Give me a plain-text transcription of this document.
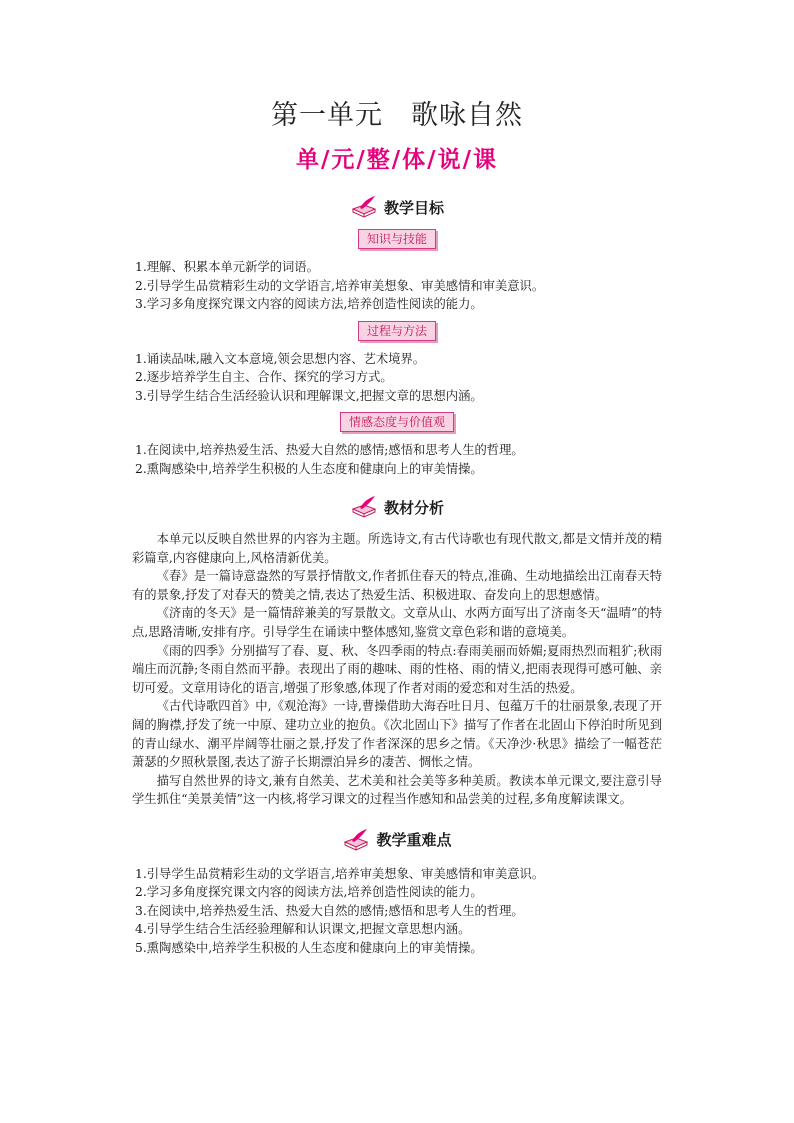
第一单元　歌咏自然
单/元/整/体/说/课
教学目标
知识与技能
1.理解、积累本单元新学的词语。
2.引导学生品赏精彩生动的文学语言,培养审美想象、审美感情和审美意识。
3.学习多角度探究课文内容的阅读方法,培养创造性阅读的能力。
过程与方法
1.诵读品味,融入文本意境,领会思想内容、艺术境界。
2.逐步培养学生自主、合作、探究的学习方式。
3.引导学生结合生活经验认识和理解课文,把握文章的思想内涵。
情感态度与价值观
1.在阅读中,培养热爱生活、热爱大自然的感情;感悟和思考人生的哲理。
2.熏陶感染中,培养学生积极的人生态度和健康向上的审美情操。
教材分析

本单元以反映自然世界的内容为主题。所选诗文,有古代诗歌也有现代散文,都是文情并茂的精彩篇章,内容健康向上,风格清新优美。

《春》是一篇诗意盎然的写景抒情散文,作者抓住春天的特点,准确、生动地描绘出江南春天特有的景象,抒发了对春天的赞美之情,表达了热爱生活、积极进取、奋发向上的思想感情。

《济南的冬天》是一篇情辞兼美的写景散文。文章从山、水两方面写出了济南冬天“温晴”的特点,思路清晰,安排有序。引导学生在诵读中整体感知,鉴赏文章色彩和谐的意境美。

《雨的四季》分别描写了春、夏、秋、冬四季雨的特点:春雨美丽而娇媚;夏雨热烈而粗犷;秋雨端庄而沉静;冬雨自然而平静。表现出了雨的趣味、雨的性格、雨的情义,把雨表现得可感可触、亲切可爱。文章用诗化的语言,增强了形象感,体现了作者对雨的爱恋和对生活的热爱。

《古代诗歌四首》中,《观沧海》一诗,曹操借助大海吞吐日月、包蕴万千的壮丽景象,表现了开阔的胸襟,抒发了统一中原、建功立业的抱负。《次北固山下》描写了作者在北固山下停泊时所见到的青山绿水、潮平岸阔等壮丽之景,抒发了作者深深的思乡之情。《天净沙·秋思》描绘了一幅苍茫萧瑟的夕照秋景图,表达了游子长期漂泊异乡的凄苦、惆怅之情。

描写自然世界的诗文,兼有自然美、艺术美和社会美等多种美质。教读本单元课文,要注意引导学生抓住“美景美情”这一内核,将学习课文的过程当作感知和品尝美的过程,多角度解读课文。

教学重难点
1.引导学生品赏精彩生动的文学语言,培养审美想象、审美感情和审美意识。
2.学习多角度探究课文内容的阅读方法,培养创造性阅读的能力。
3.在阅读中,培养热爱生活、热爱大自然的感情;感悟和思考人生的哲理。
4.引导学生结合生活经验理解和认识课文,把握文章思想内涵。
5.熏陶感染中,培养学生积极的人生态度和健康向上的审美情操。
